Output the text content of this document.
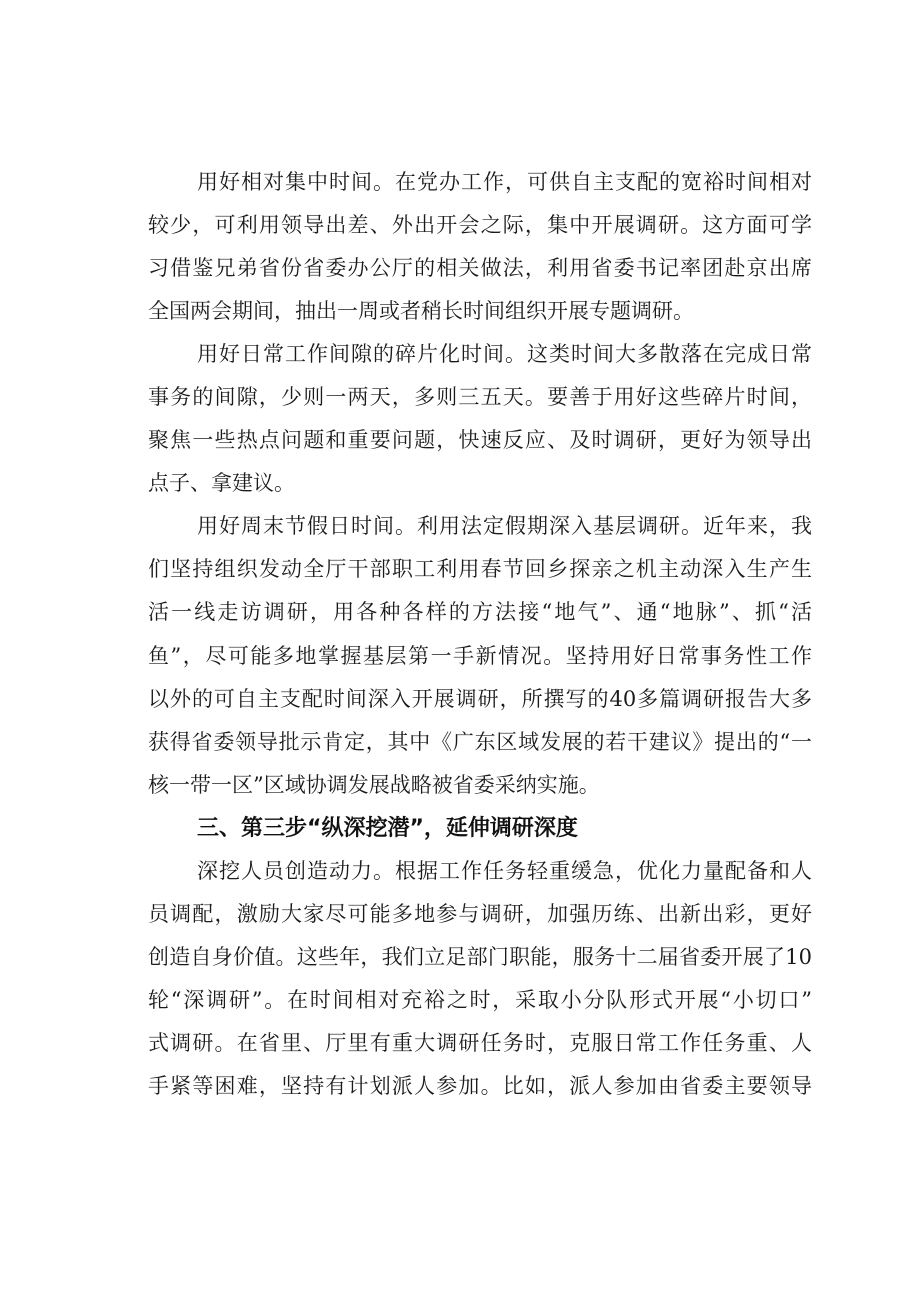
用好相对集中时间。在党办工作，可供自主支配的宽裕时间相对
较少，可利用领导出差、外出开会之际，集中开展调研。这方面可学
习借鉴兄弟省份省委办公厅的相关做法，利用省委书记率团赴京出席
全国两会期间，抽出一周或者稍长时间组织开展专题调研。
用好日常工作间隙的碎片化时间。这类时间大多散落在完成日常
事务的间隙，少则一两天，多则三五天。要善于用好这些碎片时间，
聚焦一些热点问题和重要问题，快速反应、及时调研，更好为领导出
点子、拿建议。
用好周末节假日时间。利用法定假期深入基层调研。近年来，我
们坚持组织发动全厅干部职工利用春节回乡探亲之机主动深入生产生
活一线走访调研，用各种各样的方法接“地气”、通“地脉”、抓“活
鱼”，尽可能多地掌握基层第一手新情况。坚持用好日常事务性工作
以外的可自主支配时间深入开展调研，所撰写的40多篇调研报告大多
获得省委领导批示肯定，其中《广东区域发展的若干建议》提出的“一
核一带一区”区域协调发展战略被省委采纳实施。
三、第三步“纵深挖潜”，延伸调研深度
深挖人员创造动力。根据工作任务轻重缓急，优化力量配备和人
员调配，激励大家尽可能多地参与调研，加强历练、出新出彩，更好
创造自身价值。这些年，我们立足部门职能，服务十二届省委开展了10
轮“深调研”。在时间相对充裕之时，采取小分队形式开展“小切口”
式调研。在省里、厅里有重大调研任务时，克服日常工作任务重、人
手紧等困难，坚持有计划派人参加。比如，派人参加由省委主要领导
